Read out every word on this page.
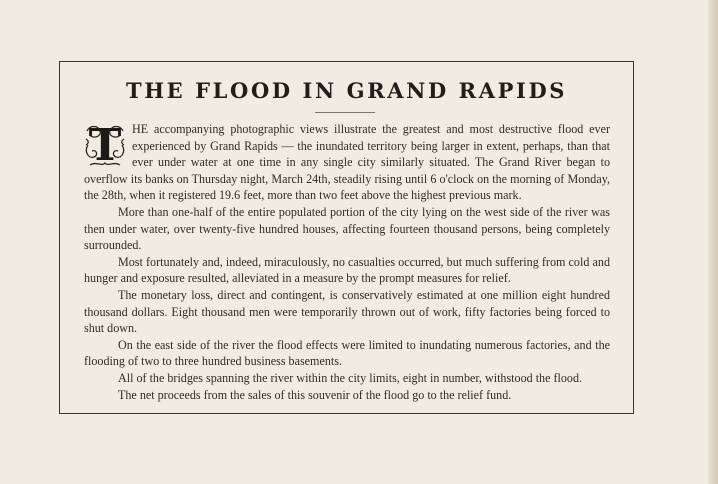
THE FLOOD IN GRAND RAPIDS
T HE accompanying photographic views illustrate the greatest and most destructive flood ever experienced by Grand Rapids — the inundated territory being larger in extent, perhaps, than that ever under water at one time in any single city similarly situated. The Grand River began to overflow its banks on Thursday night, March 24th, steadily rising until 6 o'clock on the morning of Monday, the 28th, when it registered 19.6 feet, more than two feet above the highest previous mark.

More than one-half of the entire populated portion of the city lying on the west side of the river was then under water, over twenty-five hundred houses, affecting fourteen thousand persons, being completely surrounded.

Most fortunately and, indeed, miraculously, no casualties occurred, but much suffering from cold and hunger and exposure resulted, alleviated in a measure by the prompt measures for relief.

The monetary loss, direct and contingent, is conservatively estimated at one million eight hundred thousand dollars. Eight thousand men were temporarily thrown out of work, fifty factories being forced to shut down.

On the east side of the river the flood effects were limited to inundating numerous factories, and the flooding of two to three hundred business basements.

All of the bridges spanning the river within the city limits, eight in number, withstood the flood.

The net proceeds from the sales of this souvenir of the flood go to the relief fund.
